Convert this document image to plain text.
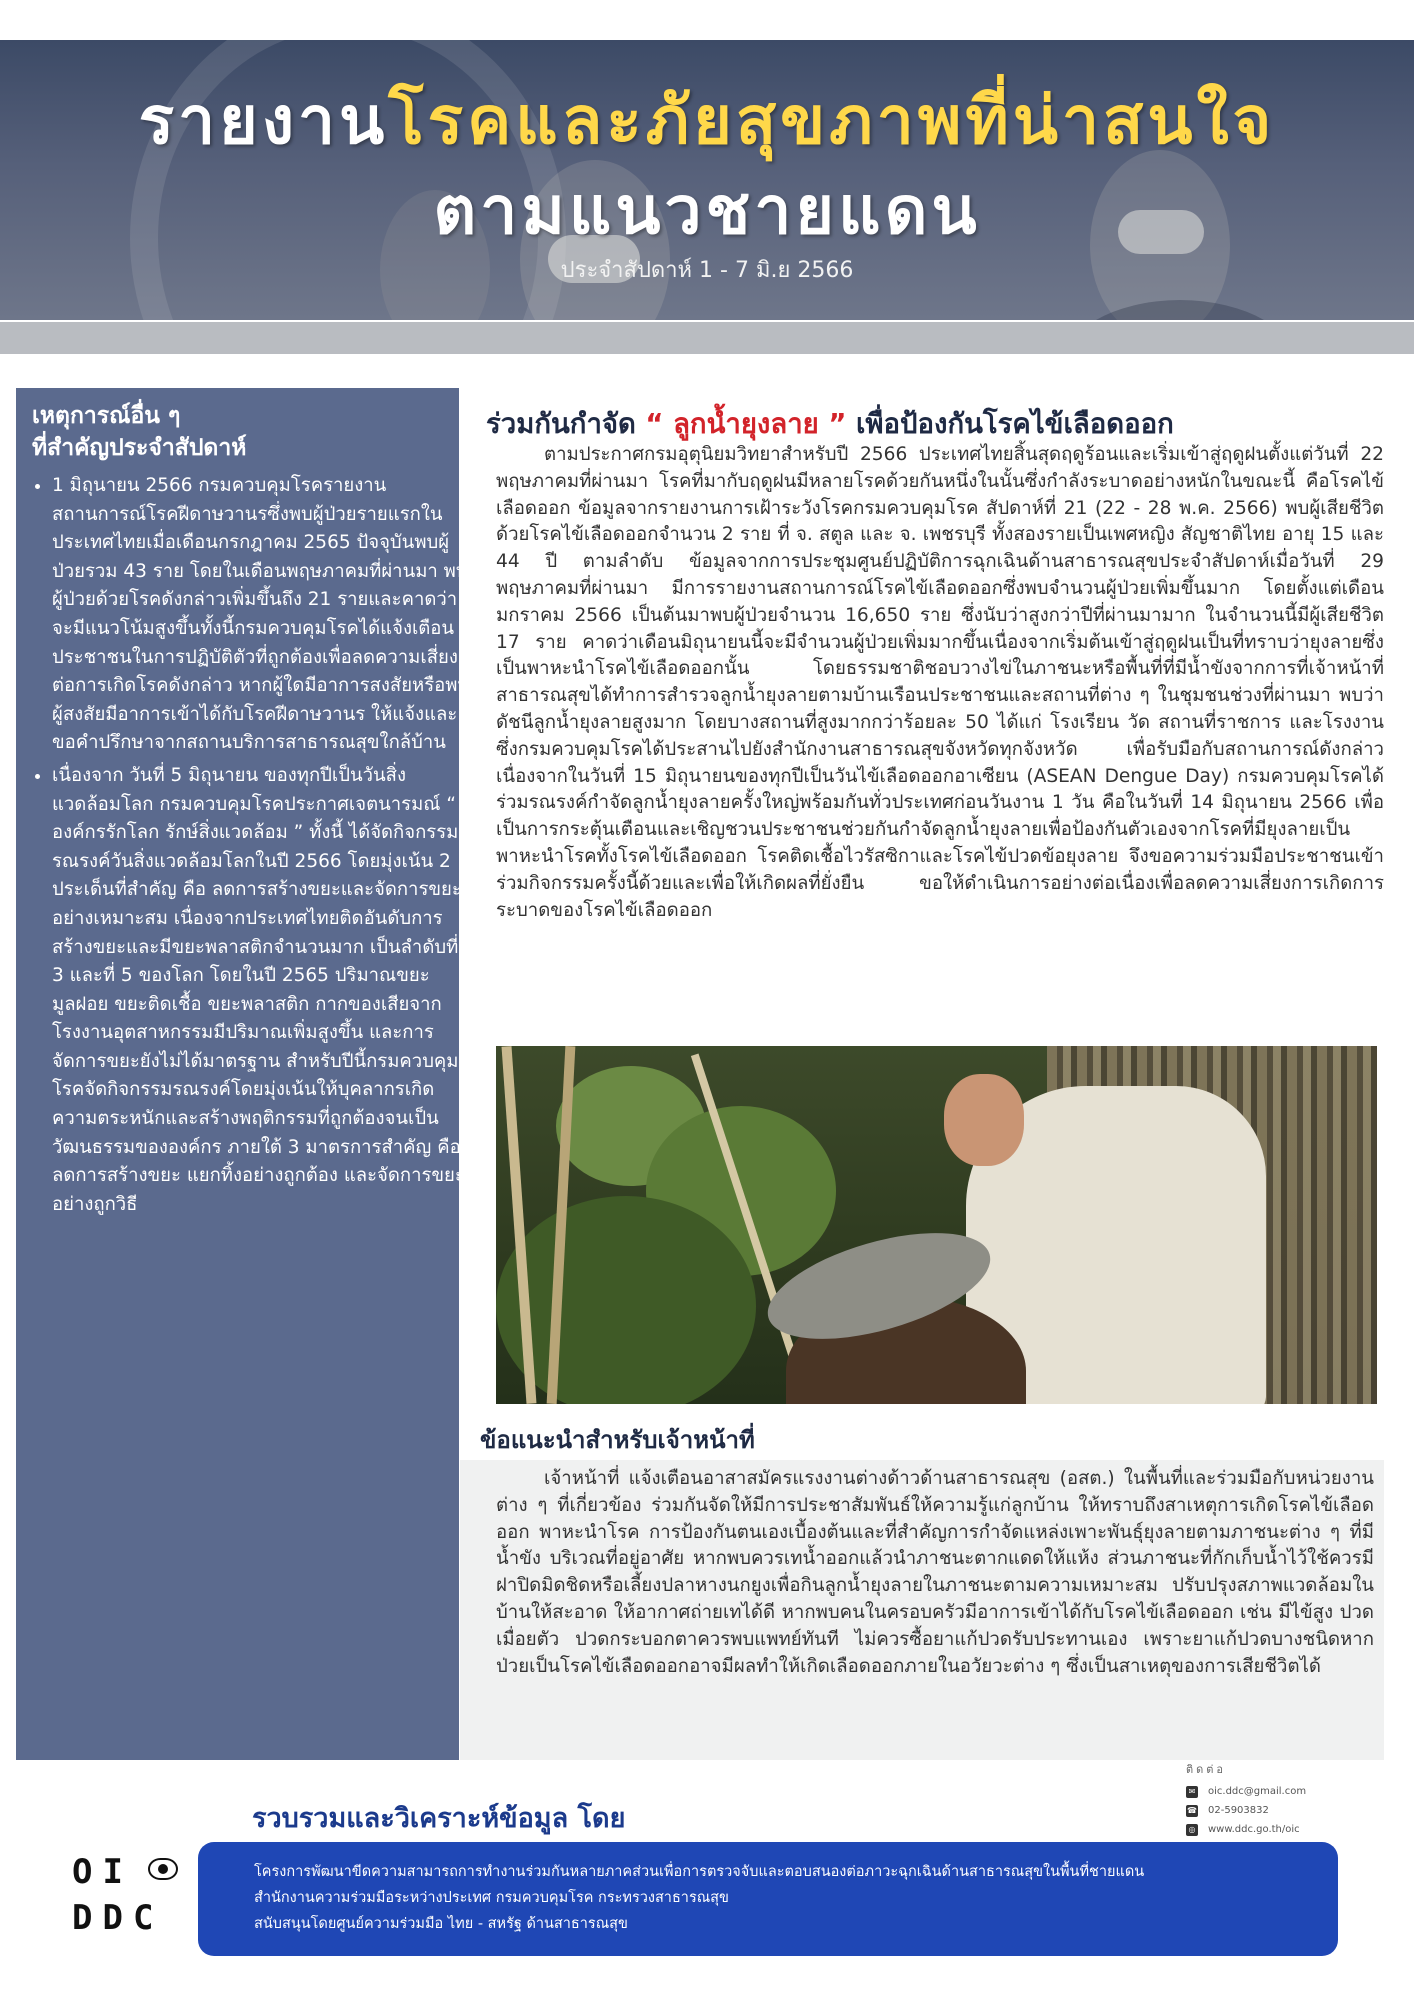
รายงานโรคและภัยสุขภาพที่น่าสนใจ
ตามแนวชายแดน
ประจำสัปดาห์ 1 - 7 มิ.ย 2566
เหตุการณ์อื่น ๆ
ที่สำคัญประจำสัปดาห์
• 1 มิถุนายน 2566 กรมควบคุมโรครายงานสถานการณ์โรคฝีดาษวานรซึ่งพบผู้ป่วยรายแรกในประเทศไทยเมื่อเดือนกรกฎาคม 2565 ปัจจุบันพบผู้ป่วยรวม 43 ราย โดยในเดือนพฤษภาคมที่ผ่านมา พบผู้ป่วยด้วยโรคดังกล่าวเพิ่มขึ้นถึง 21 รายและคาดว่าจะมีแนวโน้มสูงขึ้นทั้งนี้กรมควบคุมโรคได้แจ้งเตือนประชาชนในการปฏิบัติตัวที่ถูกต้องเพื่อลดความเสี่ยงต่อการเกิดโรคดังกล่าว หากผู้ใดมีอาการสงสัยหรือพบผู้สงสัยมีอาการเข้าได้กับโรคฝีดาษวานร ให้แจ้งและขอคำปรึกษาจากสถานบริการสาธารณสุขใกล้บ้าน
• เนื่องจาก วันที่ 5 มิถุนายน ของทุกปีเป็นวันสิ่งแวดล้อมโลก กรมควบคุมโรคประกาศเจตนารมณ์ “ องค์กรรักโลก รักษ์สิ่งแวดล้อม ” ทั้งนี้ ได้จัดกิจกรรมรณรงค์วันสิ่งแวดล้อมโลกในปี 2566 โดยมุ่งเน้น 2 ประเด็นที่สำคัญ คือ ลดการสร้างขยะและจัดการขยะอย่างเหมาะสม เนื่องจากประเทศไทยติดอันดับการสร้างขยะและมีขยะพลาสติกจำนวนมาก เป็นลำดับที่ 3 และที่ 5 ของโลก โดยในปี 2565 ปริมาณขยะมูลฝอย ขยะติดเชื้อ ขยะพลาสติก กากของเสียจากโรงงานอุตสาหกรรมมีปริมาณเพิ่มสูงขึ้น และการจัดการขยะยังไม่ได้มาตรฐาน สำหรับปีนี้กรมควบคุมโรคจัดกิจกรรมรณรงค์โดยมุ่งเน้นให้บุคลากรเกิดความตระหนักและสร้างพฤติกรรมที่ถูกต้องจนเป็นวัฒนธรรมขององค์กร ภายใต้ 3 มาตรการสำคัญ คือ ลดการสร้างขยะ แยกทิ้งอย่างถูกต้อง และจัดการขยะอย่างถูกวิธี
ร่วมกันกำจัด “ ลูกน้ำยุงลาย ” เพื่อป้องกันโรคไข้เลือดออก

ตามประกาศกรมอุตุนิยมวิทยาสำหรับปี 2566 ประเทศไทยสิ้นสุดฤดูร้อนและเริ่มเข้าสู่ฤดูฝนตั้งแต่วันที่ 22 พฤษภาคมที่ผ่านมา โรคที่มากับฤดูฝนมีหลายโรคด้วยกันหนึ่งในนั้นซึ่งกำลังระบาดอย่างหนักในขณะนี้ คือโรคไข้เลือดออก ข้อมูลจากรายงานการเฝ้าระวังโรคกรมควบคุมโรค สัปดาห์ที่ 21 (22 - 28 พ.ค. 2566) พบผู้เสียชีวิตด้วยโรคไข้เลือดออกจำนวน 2 ราย ที่ จ. สตูล และ จ. เพชรบุรี ทั้งสองรายเป็นเพศหญิง สัญชาติไทย อายุ 15 และ 44 ปี ตามลำดับ ข้อมูลจากการประชุมศูนย์ปฏิบัติการฉุกเฉินด้านสาธารณสุขประจำสัปดาห์เมื่อวันที่ 29 พฤษภาคมที่ผ่านมา มีการรายงานสถานการณ์โรคไข้เลือดออกซึ่งพบจำนวนผู้ป่วยเพิ่มขึ้นมาก โดยตั้งแต่เดือนมกราคม 2566 เป็นต้นมาพบผู้ป่วยจำนวน 16,650 ราย ซึ่งนับว่าสูงกว่าปีที่ผ่านมามาก ในจำนวนนี้มีผู้เสียชีวิต 17 ราย คาดว่าเดือนมิถุนายนนี้จะมีจำนวนผู้ป่วยเพิ่มมากขึ้นเนื่องจากเริ่มต้นเข้าสู่ฤดูฝนเป็นที่ทราบว่ายุงลายซึ่งเป็นพาหะนำโรคไข้เลือดออกนั้น โดยธรรมชาติชอบวางไข่ในภาชนะหรือพื้นที่ที่มีน้ำขังจากการที่เจ้าหน้าที่สาธารณสุขได้ทำการสำรวจลูกน้ำยุงลายตามบ้านเรือนประชาชนและสถานที่ต่าง ๆ ในชุมชนช่วงที่ผ่านมา พบว่าดัชนีลูกน้ำยุงลายสูงมาก โดยบางสถานที่สูงมากกว่าร้อยละ 50 ได้แก่ โรงเรียน วัด สถานที่ราชการ และโรงงาน ซึ่งกรมควบคุมโรคได้ประสานไปยังสำนักงานสาธารณสุขจังหวัดทุกจังหวัด เพื่อรับมือกับสถานการณ์ดังกล่าวเนื่องจากในวันที่ 15 มิถุนายนของทุกปีเป็นวันไข้เลือดออกอาเซียน (ASEAN Dengue Day) กรมควบคุมโรคได้ร่วมรณรงค์กำจัดลูกน้ำยุงลายครั้งใหญ่พร้อมกันทั่วประเทศก่อนวันงาน 1 วัน คือในวันที่ 14 มิถุนายน 2566 เพื่อเป็นการกระตุ้นเตือนและเชิญชวนประชาชนช่วยกันกำจัดลูกน้ำยุงลายเพื่อป้องกันตัวเองจากโรคที่มียุงลายเป็นพาหะนำโรคทั้งโรคไข้เลือดออก โรคติดเชื้อไวรัสซิกาและโรคไข้ปวดข้อยุงลาย จึงขอความร่วมมือประชาชนเข้าร่วมกิจกรรมครั้งนี้ด้วยและเพื่อให้เกิดผลที่ยั่งยืน ขอให้ดำเนินการอย่างต่อเนื่องเพื่อลดความเสี่ยงการเกิดการระบาดของโรคไข้เลือดออก

ข้อแนะนำสำหรับเจ้าหน้าที่

เจ้าหน้าที่ แจ้งเตือนอาสาสมัครแรงงานต่างด้าวด้านสาธารณสุข (อสต.) ในพื้นที่และร่วมมือกับหน่วยงานต่าง ๆ ที่เกี่ยวข้อง ร่วมกันจัดให้มีการประชาสัมพันธ์ให้ความรู้แก่ลูกบ้าน ให้ทราบถึงสาเหตุการเกิดโรคไข้เลือดออก พาหะนำโรค การป้องกันตนเองเบื้องต้นและที่สำคัญการกำจัดแหล่งเพาะพันธุ์ยุงลายตามภาชนะต่าง ๆ ที่มีน้ำขัง บริเวณที่อยู่อาศัย หากพบควรเทน้ำออกแล้วนำภาชนะตากแดดให้แห้ง ส่วนภาชนะที่กักเก็บน้ำไว้ใช้ควรมีฝาปิดมิดชิดหรือเลี้ยงปลาหางนกยูงเพื่อกินลูกน้ำยุงลายในภาชนะตามความเหมาะสม ปรับปรุงสภาพแวดล้อมในบ้านให้สะอาด ให้อากาศถ่ายเทได้ดี หากพบคนในครอบครัวมีอาการเข้าได้กับโรคไข้เลือดออก เช่น มีไข้สูง ปวดเมื่อยตัว ปวดกระบอกตาควรพบแพทย์ทันที ไม่ควรซื้อยาแก้ปวดรับประทานเอง เพราะยาแก้ปวดบางชนิดหากป่วยเป็นโรคไข้เลือดออกอาจมีผลทำให้เกิดเลือดออกภายในอวัยวะต่าง ๆ ซึ่งเป็นสาเหตุของการเสียชีวิตได้

รวบรวมและวิเคราะห์ข้อมูล โดย
ติดต่อ
✉ oic.ddc@gmail.com
☎ 02-5903832
◎ www.ddc.go.th/oic
OI
DDC
โครงการพัฒนาขีดความสามารถการทำงานร่วมกันหลายภาคส่วนเพื่อการตรวจจับและตอบสนองต่อภาวะฉุกเฉินด้านสาธารณสุขในพื้นที่ชายแดน
สำนักงานความร่วมมือระหว่างประเทศ กรมควบคุมโรค กระทรวงสาธารณสุข
สนับสนุนโดยศูนย์ความร่วมมือ ไทย - สหรัฐ ด้านสาธารณสุข
